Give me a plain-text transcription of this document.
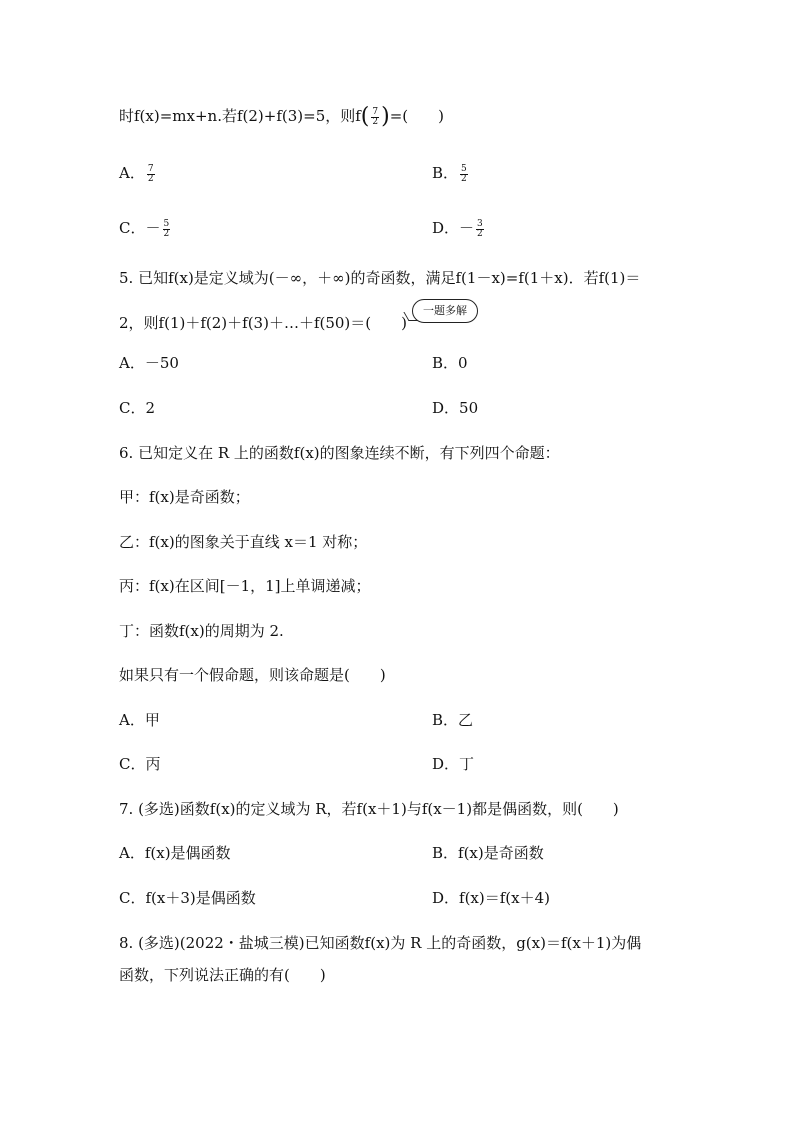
时f(x)=mx+n.若f(2)+f(3)=5，则$f( \frac{7}{2}$ )=(　　)
A． $\frac{7}{2}$	B． $\frac{5}{2}$
C．－ $\frac{5}{2}$	D．－ $\frac{3}{2}$
5. 已知f(x)是定义域为(－∞，＋∞)的奇函数，满足f(1－x)=f(1＋x)．若f(1)＝
2，则f(1)＋f(2)＋f(3)＋…＋f(50)＝(　　)
一题多解
A．－50	B．0
C．2	D．50
6. 已知定义在 R 上的函数f(x)的图象连续不断，有下列四个命题：
甲：f(x)是奇函数；
乙：f(x)的图象关于直线 x＝1 对称；
丙：f(x)在区间[－1，1]上单调递减；
丁：函数f(x)的周期为 2.
如果只有一个假命题，则该命题是(　　)
A．甲	B．乙
C．丙	D．丁
7. (多选)函数f(x)的定义域为 R，若f(x＋1)与f(x－1)都是偶函数，则(　　)
A．f(x)是偶函数	B．f(x)是奇函数
C．f(x＋3)是偶函数	D．f(x)＝f(x＋4)
8. (多选)(2022・盐城三模)已知函数f(x)为 R 上的奇函数，g(x)＝f(x＋1)为偶
函数，下列说法正确的有(　　)
